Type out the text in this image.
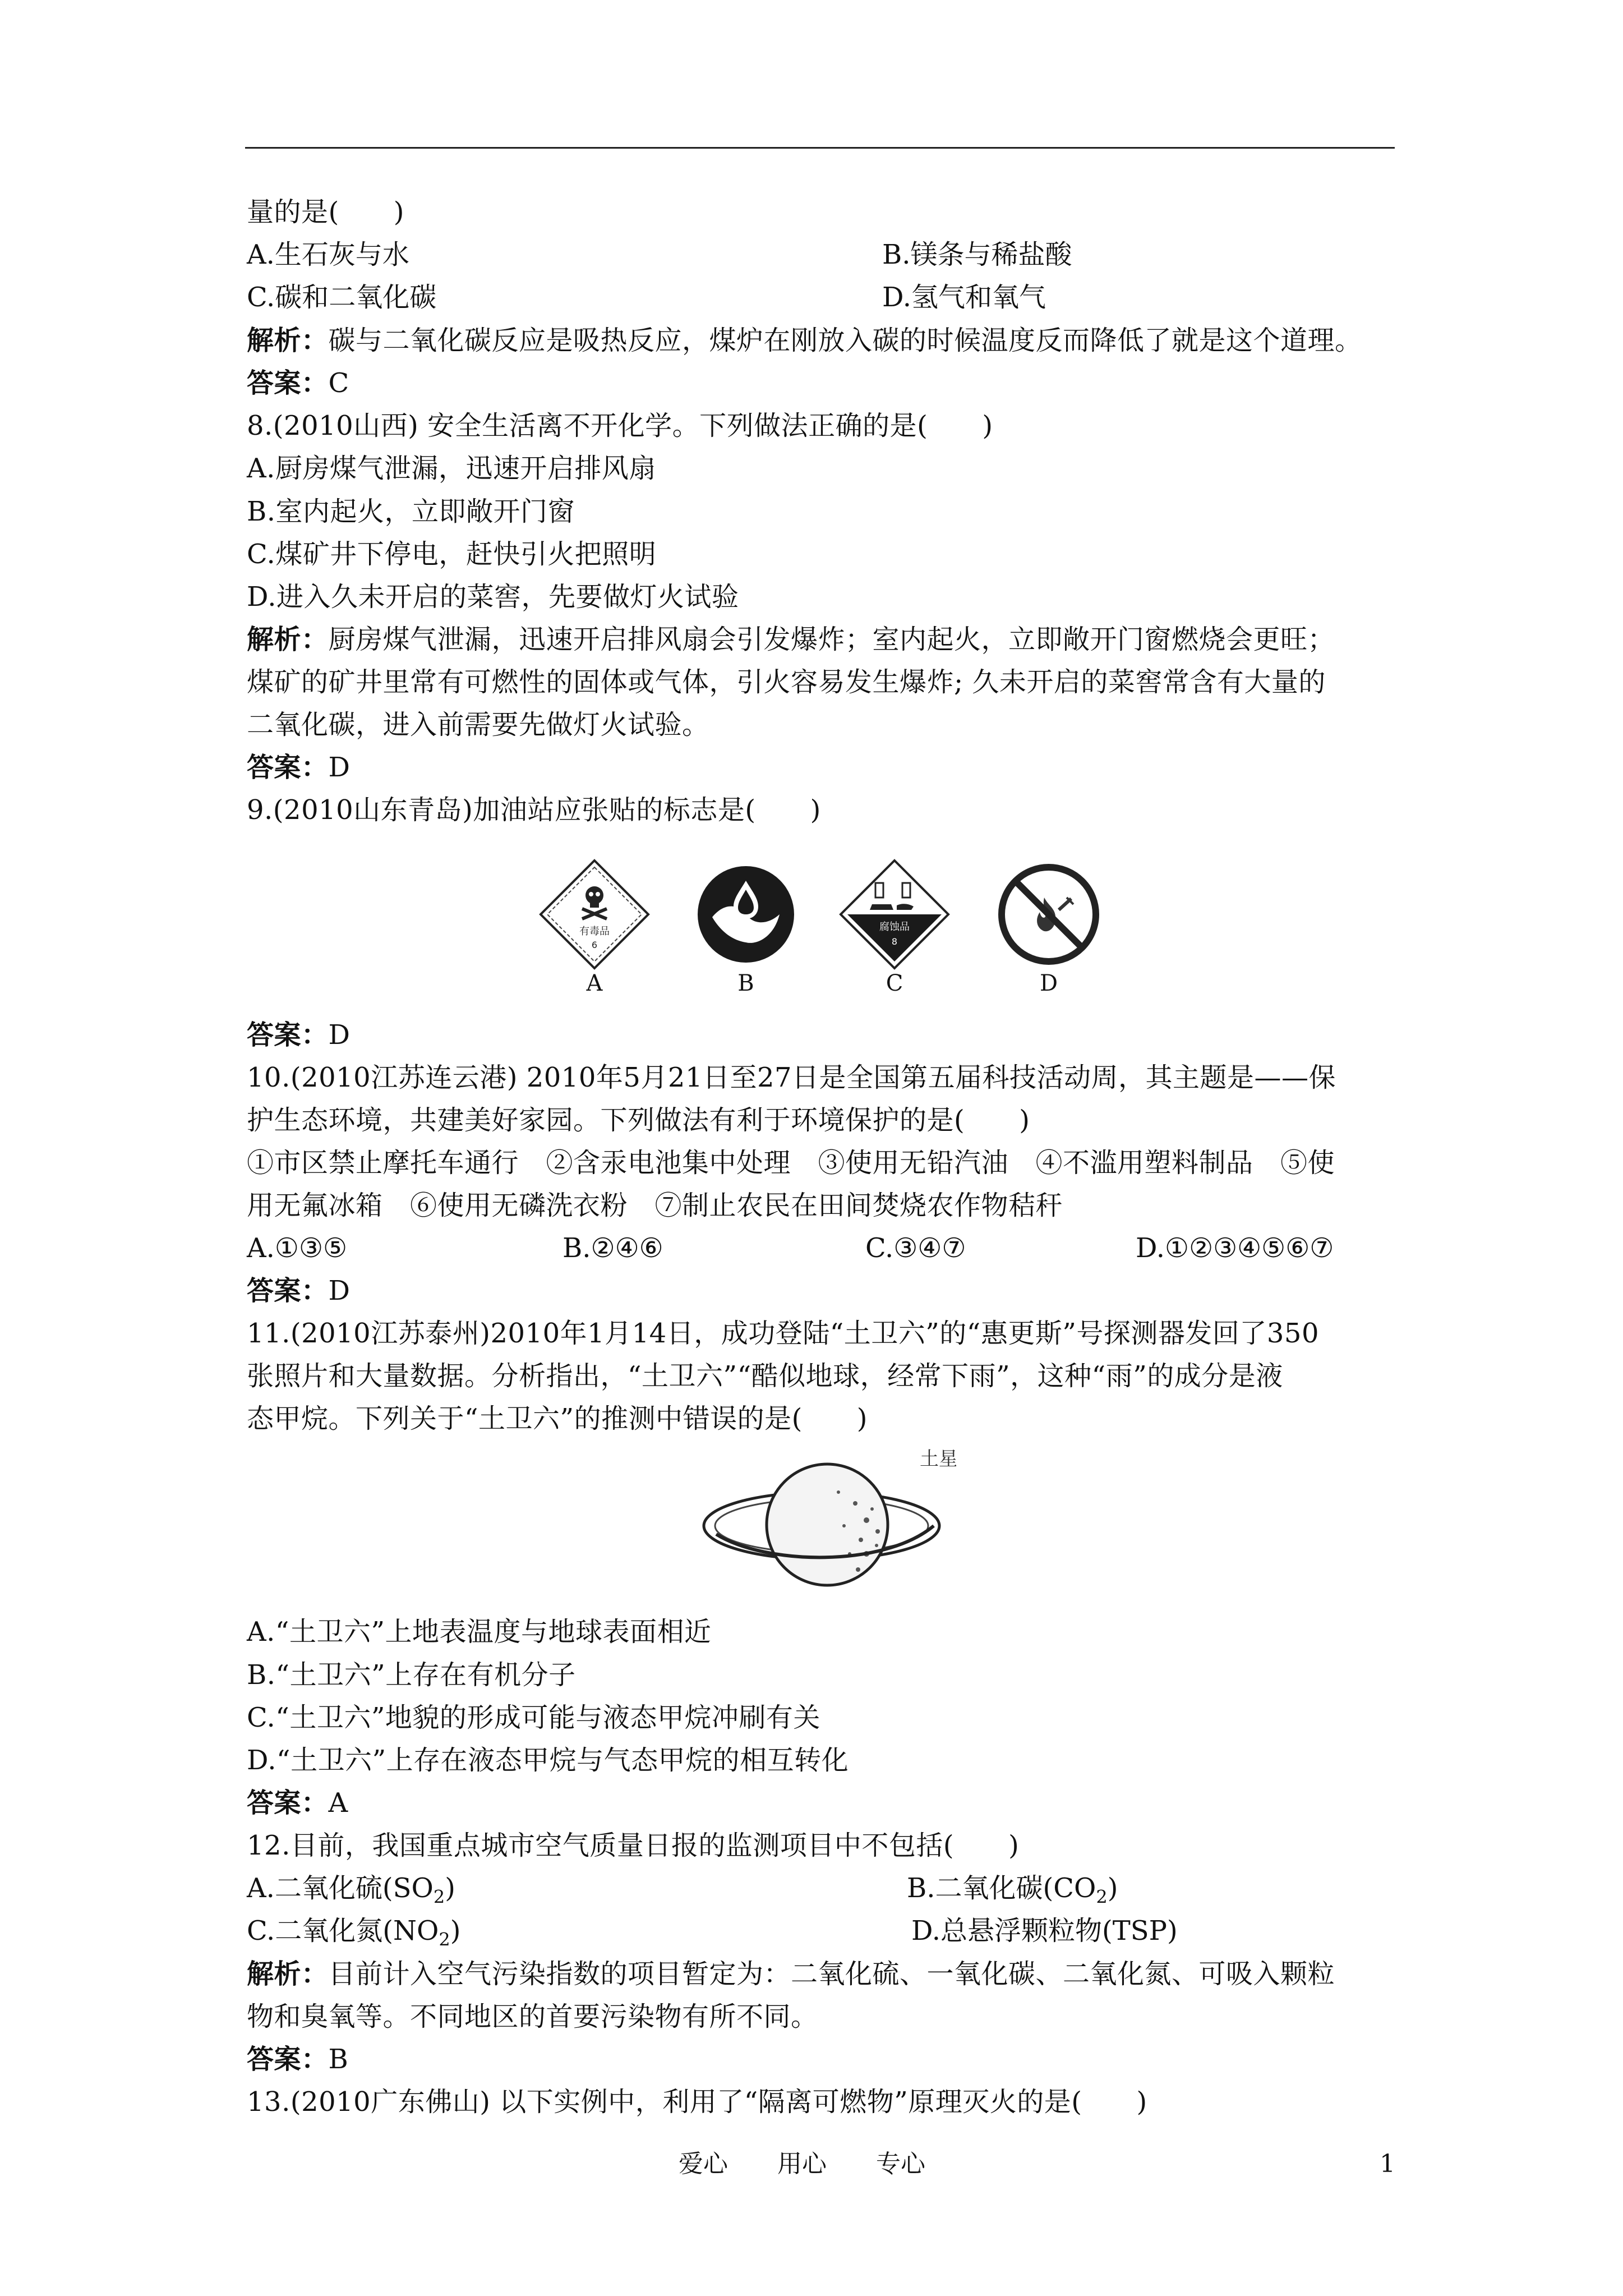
量的是(　　)
A.生石灰与水	B.镁条与稀盐酸
C.碳和二氧化碳	D.氢气和氧气
解析：碳与二氧化碳反应是吸热反应，煤炉在刚放入碳的时候温度反而降低了就是这个道理。
答案：C
8.(2010山西) 安全生活离不开化学。下列做法正确的是(　　)
A.厨房煤气泄漏，迅速开启排风扇
B.室内起火，立即敞开门窗
C.煤矿井下停电，赶快引火把照明
D.进入久未开启的菜窖，先要做灯火试验
解析：厨房煤气泄漏，迅速开启排风扇会引发爆炸；室内起火，立即敞开门窗燃烧会更旺；
煤矿的矿井里常有可燃性的固体或气体，引火容易发生爆炸; 久未开启的菜窖常含有大量的
二氧化碳，进入前需要先做灯火试验。
答案：D
9.(2010山东青岛)加油站应张贴的标志是(　　)
有毒品
6
A	B
腐蚀品
8
C	D
答案：D
10.(2010江苏连云港) 2010年5月21日至27日是全国第五届科技活动周，其主题是——保
护生态环境，共建美好家园。下列做法有利于环境保护的是(　　)
①市区禁止摩托车通行　②含汞电池集中处理　③使用无铅汽油　④不滥用塑料制品　⑤使
用无氟冰箱　⑥使用无磷洗衣粉　⑦制止农民在田间焚烧农作物秸秆
A.①③⑤	B.②④⑥	C.③④⑦	D.①②③④⑤⑥⑦
答案：D
11.(2010江苏泰州)2010年1月14日，成功登陆“土卫六”的“惠更斯”号探测器发回了350
张照片和大量数据。分析指出，“土卫六”“酷似地球，经常下雨”，这种“雨”的成分是液
态甲烷。下列关于“土卫六”的推测中错误的是(　　)
土星
A.“土卫六”上地表温度与地球表面相近
B.“土卫六”上存在有机分子
C.“土卫六”地貌的形成可能与液态甲烷冲刷有关
D.“土卫六”上存在液态甲烷与气态甲烷的相互转化
答案：A
12.目前，我国重点城市空气质量日报的监测项目中不包括(　　)
A.二氧化硫$(SO_2)$	B.二氧化碳$(CO_2)$
C.二氧化氮$(NO_2)$	D.总悬浮颗粒物(TSP)
解析：目前计入空气污染指数的项目暂定为：二氧化硫、一氧化碳、二氧化氮、可吸入颗粒
物和臭氧等。不同地区的首要污染物有所不同。
答案：B
13.(2010广东佛山) 以下实例中，利用了“隔离可燃物”原理灭火的是(　　)
爱心　　用心　　专心	1
